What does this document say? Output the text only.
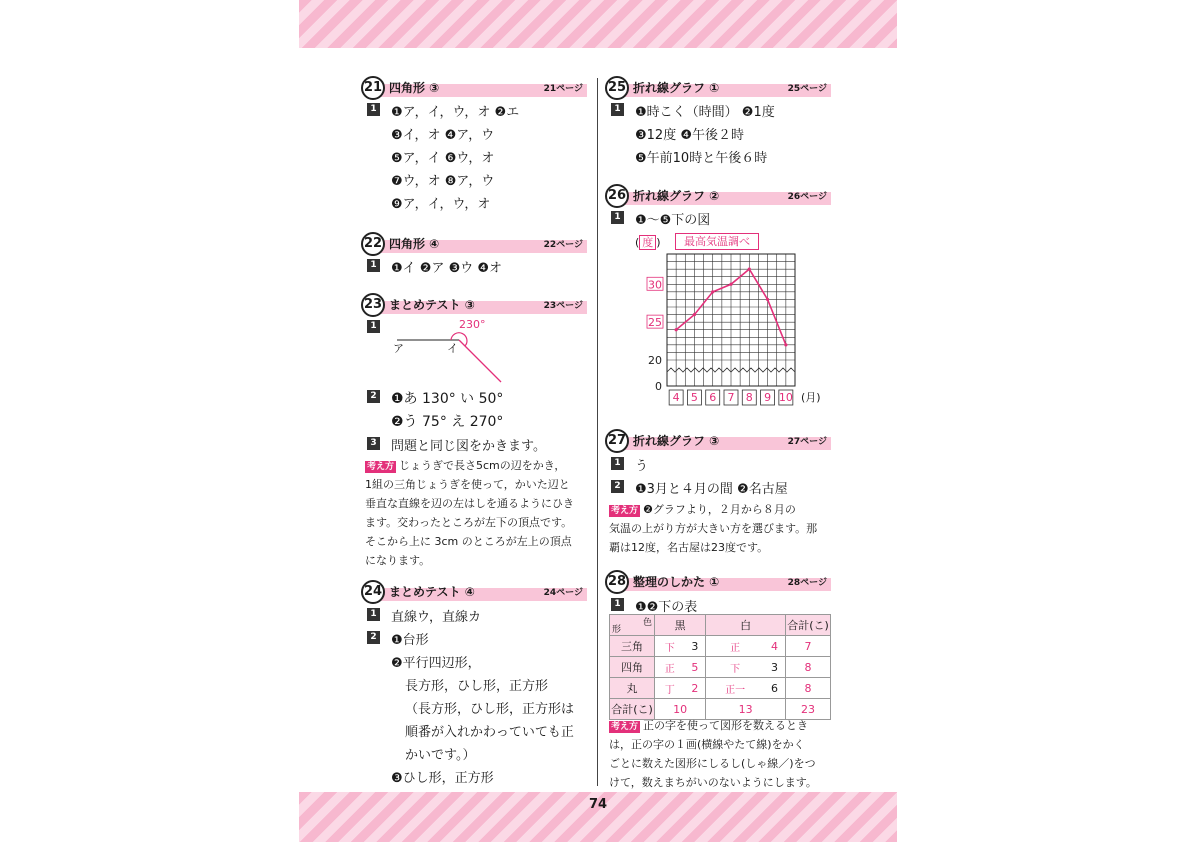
74
21 四角形 ③	21ページ
1 ❶ア，イ，ウ，オ ❷エ
❸イ，オ ❹ア，ウ
❺ア，イ ❻ウ，オ
❼ウ，オ ❽ア，ウ
❾ア，イ，ウ，オ
22 四角形 ④	22ページ
1 ❶イ ❷ア ❸ウ ❹オ
23 まとめテスト ③	23ページ
1	230°
ア	イ
2 ❶あ 130° い 50°
❷う 75° え 270°
3 問題と同じ図をかきます。
考え方 じょうぎで長さ5cmの辺をかき，
1組の三角じょうぎを使って，かいた辺と
垂直な直線を辺の左はしを通るようにひき
ます。交わったところが左下の頂点です。
そこから上に 3cm のところが左上の頂点
になります。
24 まとめテスト ④	24ページ
1 直線ウ，直線カ
2 ❶台形
❷平行四辺形，
長方形，ひし形，正方形
（長方形，ひし形，正方形は
順番が入れかわっていても正
かいです。）
❸ひし形，正方形
25 折れ線グラフ ①	25ページ
1 ❶時こく（時間） ❷1度
❸12度 ❹午後２時
❺午前10時と午後６時
26 折れ線グラフ ②	26ページ
1 ❶～❺下の図
( 度 )	最高気温調べ
0
20
25
30
4 5 6 7 8 9 10 (月)
27 折れ線グラフ ③	27ページ
1 う
2 ❶3月と４月の間 ❷名古屋
考え方 ❷グラフより，２月から８月の
気温の上がり方が大きい方を選びます。那
覇は12度，名古屋は23度です。
28 整理のしかた ①	28ページ
1 ❶❷下の表
色
形	黒		白		合計(こ)
三角	下	3	正	4	7
四角	正	5	下	3	8
丸	丁	2	正一	6	8
合計(こ)	10		13		23
考え方 正の字を使って図形を数えるとき
は，正の字の１画(横線やたて線)をかく
ごとに数えた図形にしるし(しゃ線／)をつ
けて，数えまちがいのないようにします。
